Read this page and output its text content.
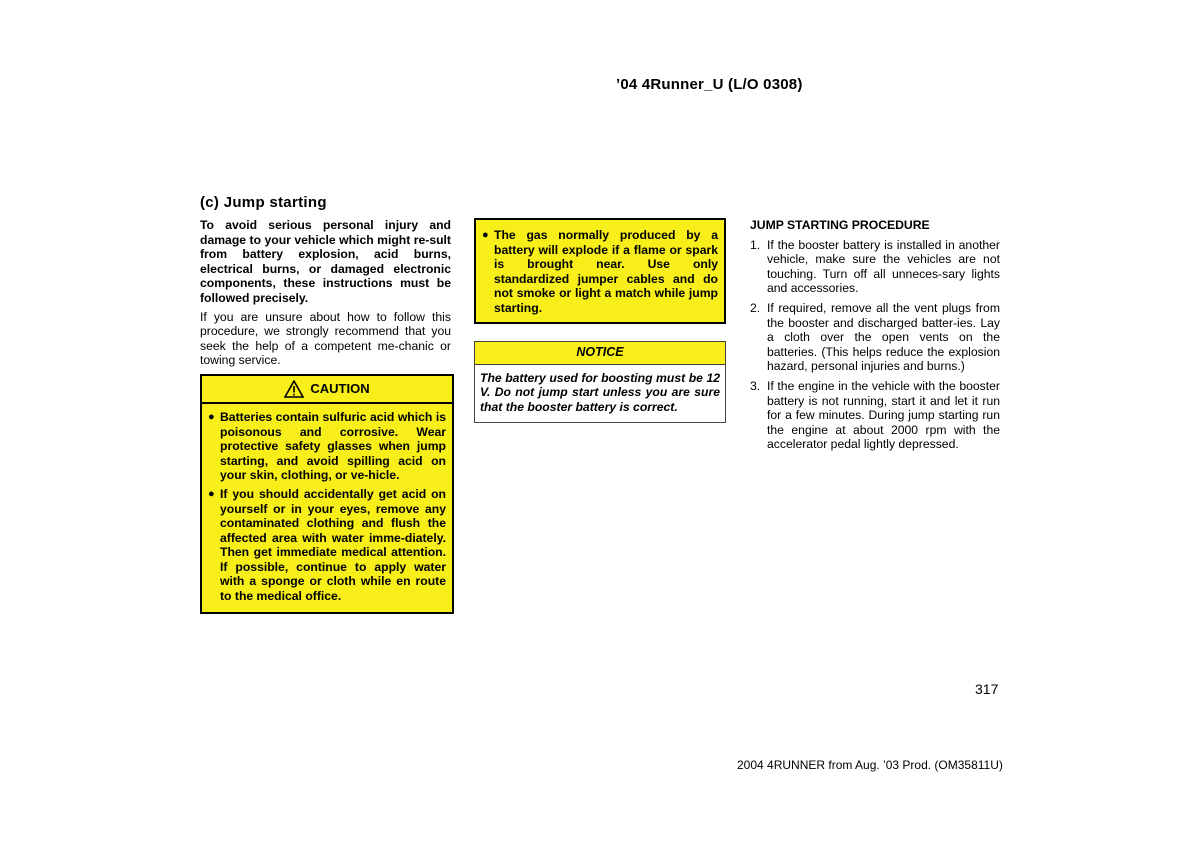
’04 4Runner_U (L/O 0308)
(c) Jump starting

To avoid serious personal injury and damage to your vehicle which might re-sult from battery explosion, acid burns, electrical burns, or damaged electronic components, these instructions must be followed precisely.

If you are unsure about how to follow this procedure, we strongly recommend that you seek the help of a competent me-chanic or towing service.

CAUTION
● Batteries contain sulfuric acid which is poisonous and corrosive. Wear protective safety glasses when jump starting, and avoid spilling acid on your skin, clothing, or ve-hicle.
● If you should accidentally get acid on yourself or in your eyes, remove any contaminated clothing and flush the affected area with water imme-diately. Then get immediate medical attention. If possible, continue to apply water with a sponge or cloth while en route to the medical office.
● The gas normally produced by a battery will explode if a flame or spark is brought near. Use only standardized jumper cables and do not smoke or light a match while jump starting.
NOTICE
The battery used for boosting must be 12 V. Do not jump start unless you are sure that the booster battery is correct.
JUMP STARTING PROCEDURE
1. If the booster battery is installed in another vehicle, make sure the vehicles are not touching. Turn off all unneces-sary lights and accessories.
2. If required, remove all the vent plugs from the booster and discharged batter-ies. Lay a cloth over the open vents on the batteries. (This helps reduce the explosion hazard, personal injuries and burns.)
3. If the engine in the vehicle with the booster battery is not running, start it and let it run for a few minutes. During jump starting run the engine at about 2000 rpm with the accelerator pedal lightly depressed.
317
2004 4RUNNER from Aug. ’03 Prod. (OM35811U)
